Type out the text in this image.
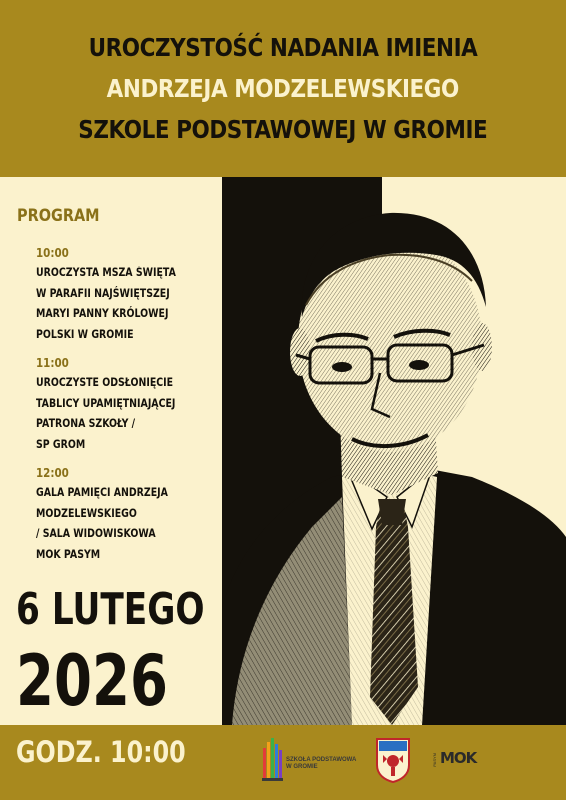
UROCZYSTOŚĆ NADANIA IMIENIA
ANDRZEJA MODZELEWSKIEGO
SZKOLE PODSTAWOWEJ W GROMIE
PROGRAM
10:00
UROCZYSTA MSZA ŚWIĘTA
W PARAFII NAJŚWIĘTSZEJ
MARYI PANNY KRÓLOWEJ
POLSKI W GROMIE
11:00
UROCZYSTE ODSŁONIĘCIE
TABLICY UPAMIĘTNIAJĄCEJ
PATRONA SZKOŁY /
SP GROM
12:00
GALA PAMIĘCI ANDRZEJA
MODZELEWSKIEGO
/ SALA WIDOWISKOWA
MOK PASYM
6 LUTEGO
2026
GODZ. 10:00	SZKOŁA PODSTAWOWA
W GROMIE
PASYM MOK
